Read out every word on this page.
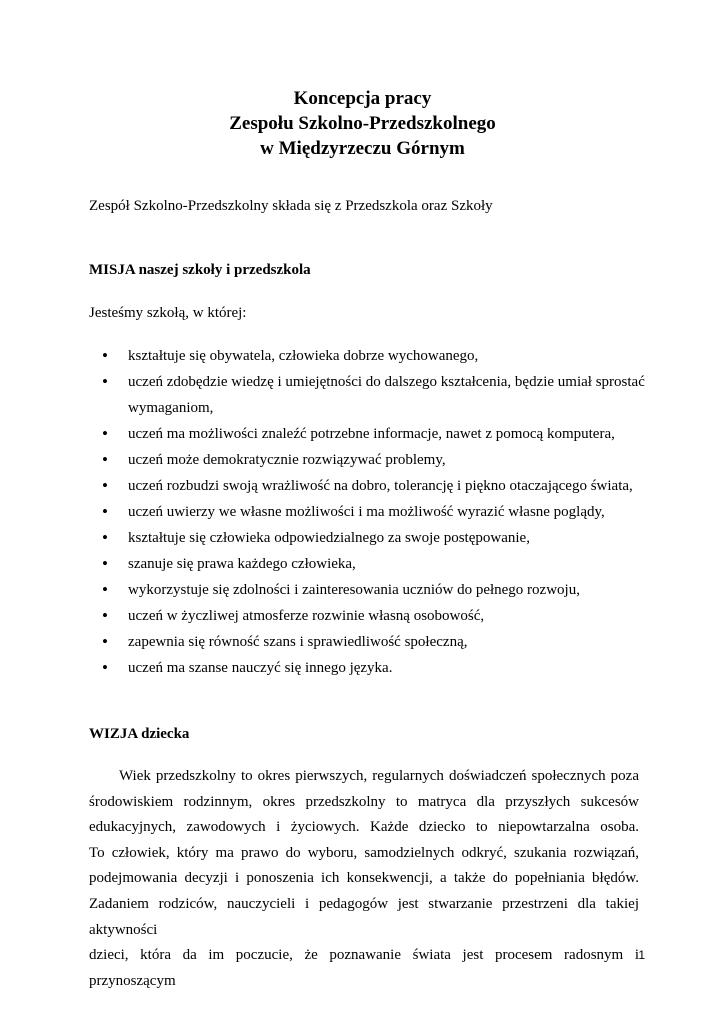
Koncepcja pracy
Zespołu Szkolno-Przedszkolnego
w Międzyrzeczu Górnym

Zespół Szkolno-Przedszkolny składa się z Przedszkola oraz Szkoły

MISJA naszej szkoły i przedszkola

Jesteśmy szkołą, w której:

• kształtuje się obywatela, człowieka dobrze wychowanego,
• uczeń zdobędzie wiedzę i umiejętności do dalszego kształcenia, będzie umiał sprostać wymaganiom,
• uczeń ma możliwości znaleźć potrzebne informacje, nawet z pomocą komputera,
• uczeń może demokratycznie rozwiązywać problemy,
• uczeń rozbudzi swoją wrażliwość na dobro, tolerancję i piękno otaczającego świata,
• uczeń uwierzy we własne możliwości i ma możliwość wyrazić własne poglądy,
• kształtuje się człowieka odpowiedzialnego za swoje postępowanie,
• szanuje się prawa każdego człowieka,
• wykorzystuje się zdolności i zainteresowania uczniów do pełnego rozwoju,
• uczeń w życzliwej atmosferze rozwinie własną osobowość,
• zapewnia się równość szans i sprawiedliwość społeczną,
• uczeń ma szanse nauczyć się innego języka.

WIZJA dziecka

Wiek przedszkolny to okres pierwszych, regularnych doświadczeń społecznych poza
środowiskiem rodzinnym, okres przedszkolny to matryca dla przyszłych sukcesów
edukacyjnych, zawodowych i życiowych. Każde dziecko to niepowtarzalna osoba.
To człowiek, który ma prawo do wyboru, samodzielnych odkryć, szukania rozwiązań,
podejmowania decyzji i ponoszenia ich konsekwencji, a także do popełniania błędów.
Zadaniem rodziców, nauczycieli i pedagogów jest stwarzanie przestrzeni dla takiej aktywności
dzieci, która da im poczucie, że poznawanie świata jest procesem radosnym i przynoszącym
1
